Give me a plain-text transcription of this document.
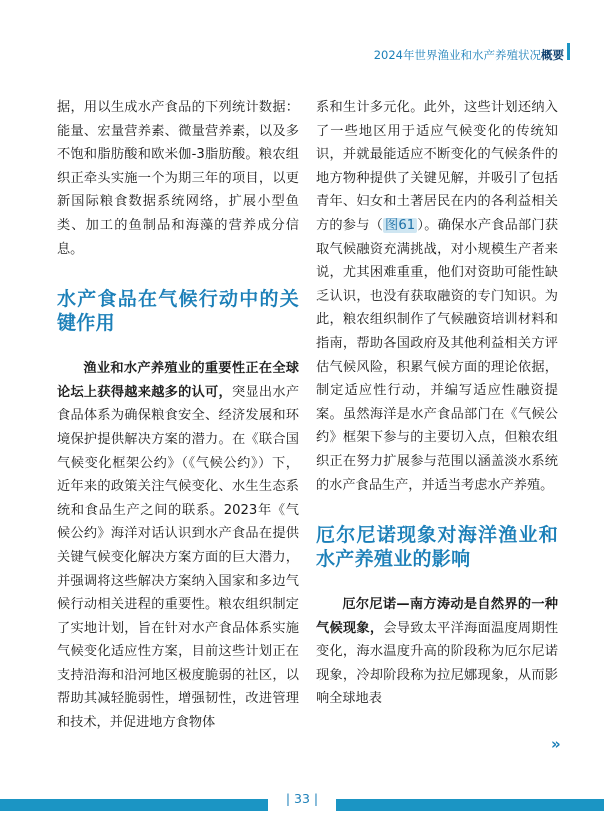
2024年世界渔业和水产养殖状况概要

据，用以生成水产食品的下列统计数据：能量、宏量营养素、微量营养素，以及多不饱和脂肪酸和欧米伽-3脂肪酸。粮农组织正牵头实施一个为期三年的项目，以更新国际粮食数据系统网络，扩展小型鱼类、加工的鱼制品和海藻的营养成分信息。

水产食品在气候行动中的关键作用

渔业和水产养殖业的重要性正在全球论坛上获得越来越多的认可，突显出水产食品体系为确保粮食安全、经济发展和环境保护提供解决方案的潜力。在《联合国气候变化框架公约》（《气候公约》）下，近年来的政策关注气候变化、水生生态系统和食品生产之间的联系。2023年《气候公约》海洋对话认识到水产食品在提供关键气候变化解决方案方面的巨大潜力，并强调将这些解决方案纳入国家和多边气候行动相关进程的重要性。粮农组织制定了实地计划，旨在针对水产食品体系实施气候变化适应性方案，目前这些计划正在支持沿海和沿河地区极度脆弱的社区，以帮助其减轻脆弱性，增强韧性，改进管理和技术，并促进地方食物体

系和生计多元化。此外，这些计划还纳入了一些地区用于适应气候变化的传统知识，并就最能适应不断变化的气候条件的地方物种提供了关键见解，并吸引了包括青年、妇女和土著居民在内的各利益相关方的参与（ 图61 ）。确保水产食品部门获取气候融资充满挑战，对小规模生产者来说，尤其困难重重，他们对资助可能性缺乏认识，也没有获取融资的专门知识。为此，粮农组织制作了气候融资培训材料和指南，帮助各国政府及其他利益相关方评估气候风险，积累气候方面的理论依据，制定适应性行动，并编写适应性融资提案。虽然海洋是水产食品部门在《气候公约》框架下参与的主要切入点，但粮农组织正在努力扩展参与范围以涵盖淡水系统的水产食品生产，并适当考虑水产养殖。

厄尔尼诺现象对海洋渔业和水产养殖业的影响

厄尔尼诺—南方涛动是自然界的一种气候现象，会导致太平洋海面温度周期性变化，海水温度升高的阶段称为厄尔尼诺现象，冷却阶段称为拉尼娜现象，从而影响全球地表

»
| 33 |
